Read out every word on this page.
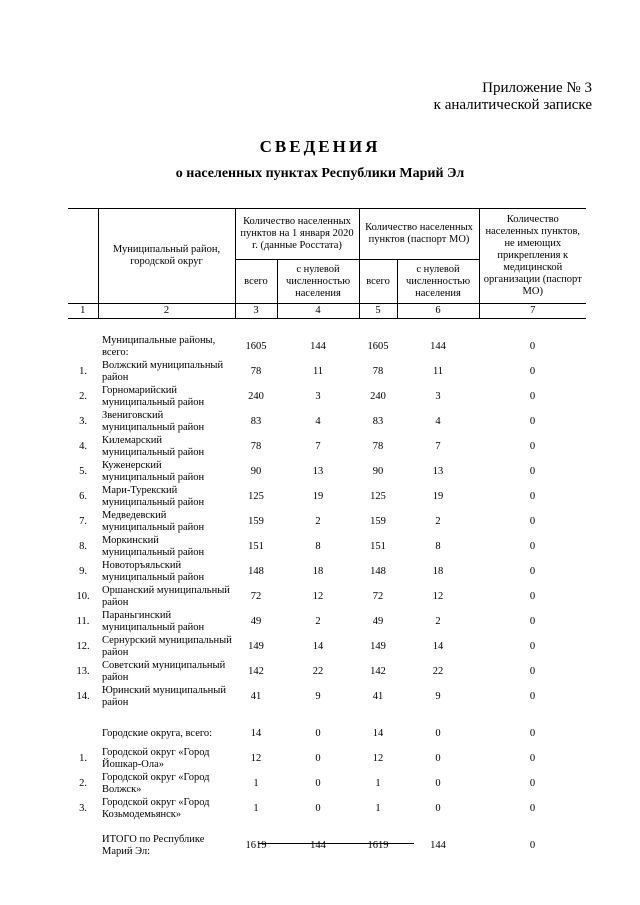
Приложение № 3
к аналитической записке
СВЕДЕНИЯ
о населенных пунктах Республики Марий Эл
	Муниципальный район, городской округ	Количество населенных пунктов на 1 января 2020 г. (данные Росстата)		Количество населенных пунктов (паспорт МО)		Количество населенных пунктов, не имеющих прикрепления к медицинской организации (паспорт МО)
		всего	с нулевой численностью населения	всего	с нулевой численностью населения	
1	2	3	4	5	6	7
	Муниципальные районы, всего:	1605	144	1605	144	0
1.	Волжский муниципальный район	78	11	78	11	0
2.	Горномарийский муниципальный район	240	3	240	3	0
3.	Звениговский муниципальный район	83	4	83	4	0
4.	Килемарский муниципальный район	78	7	78	7	0
5.	Куженерский муниципальный район	90	13	90	13	0
6.	Мари-Турекский муниципальный район	125	19	125	19	0
7.	Медведевский муниципальный район	159	2	159	2	0
8.	Моркинский муниципальный район	151	8	151	8	0
9.	Новоторъяльский муниципальный район	148	18	148	18	0
10.	Оршанский муниципальный район	72	12	72	12	0
11.	Параньгинский муниципальный район	49	2	49	2	0
12.	Сернурский муниципальный район	149	14	149	14	0
13.	Советский муниципальный район	142	22	142	22	0
14.	Юринский муниципальный район	41	9	41	9	0

	Городские округа, всего:	14	0	14	0	0
1.	Городской округ «Город Йошкар-Ола»	12	0	12	0	0
2.	Городской округ «Город Волжск»	1	0	1	0	0
3.	Городской округ «Город Козьмодемьянск»	1	0	1	0	0

	ИТОГО по Республике Марий Эл:	1619	144	1619	144	0
